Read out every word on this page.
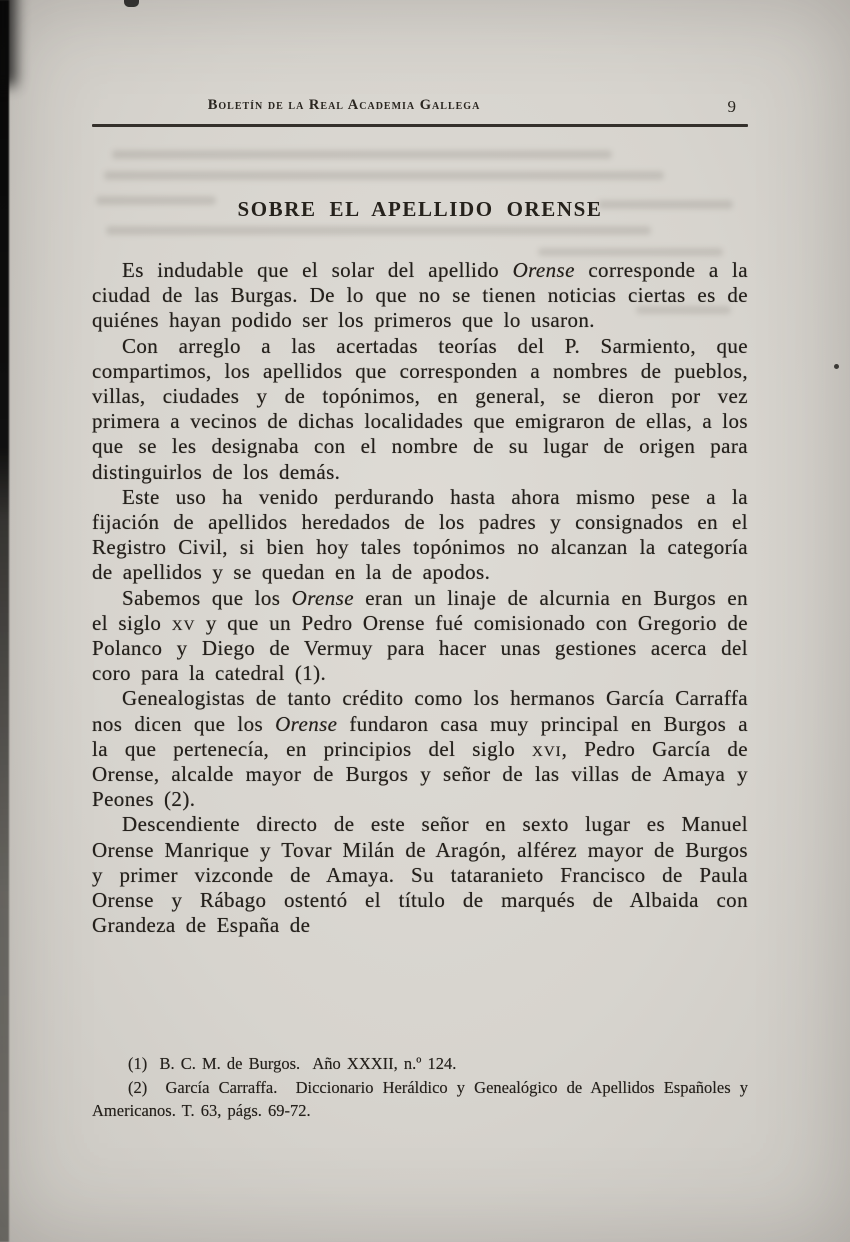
Boletín de la Real Academia Gallega	9
SOBRE EL APELLIDO ORENSE

Es indudable que el solar del apellido Orense corresponde a la ciudad de las Burgas. De lo que no se tienen noticias ciertas es de quiénes hayan podido ser los primeros que lo usaron.

Con arreglo a las acertadas teorías del P. Sarmiento, que compartimos, los apellidos que corresponden a nombres de pueblos, villas, ciudades y de topónimos, en general, se dieron por vez primera a vecinos de dichas localidades que emigraron de ellas, a los que se les designaba con el nombre de su lugar de origen para distinguirlos de los demás.

Este uso ha venido perdurando hasta ahora mismo pese a la fijación de apellidos heredados de los padres y consignados en el Registro Civil, si bien hoy tales topónimos no alcanzan la categoría de apellidos y se quedan en la de apodos.

Sabemos que los Orense eran un linaje de alcurnia en Burgos en el siglo xv y que un Pedro Orense fué comisionado con Gregorio de Polanco y Diego de Vermuy para hacer unas gestiones acerca del coro para la catedral (1).

Genealogistas de tanto crédito como los hermanos García Carraffa nos dicen que los Orense fundaron casa muy principal en Burgos a la que pertenecía, en principios del siglo xvi, Pedro García de Orense, alcalde mayor de Burgos y señor de las villas de Amaya y Peones (2).

Descendiente directo de este señor en sexto lugar es Manuel Orense Manrique y Tovar Milán de Aragón, alférez mayor de Burgos y primer vizconde de Amaya. Su tataranieto Francisco de Paula Orense y Rábago ostentó el título de marqués de Albaida con Grandeza de España de

(1)  B. C. M. de Burgos.  Año XXXII, n.º 124.

(2)  García Carraffa.  Diccionario Heráldico y Genealógico de Apellidos Españoles y Americanos. T. 63, págs. 69-72.
